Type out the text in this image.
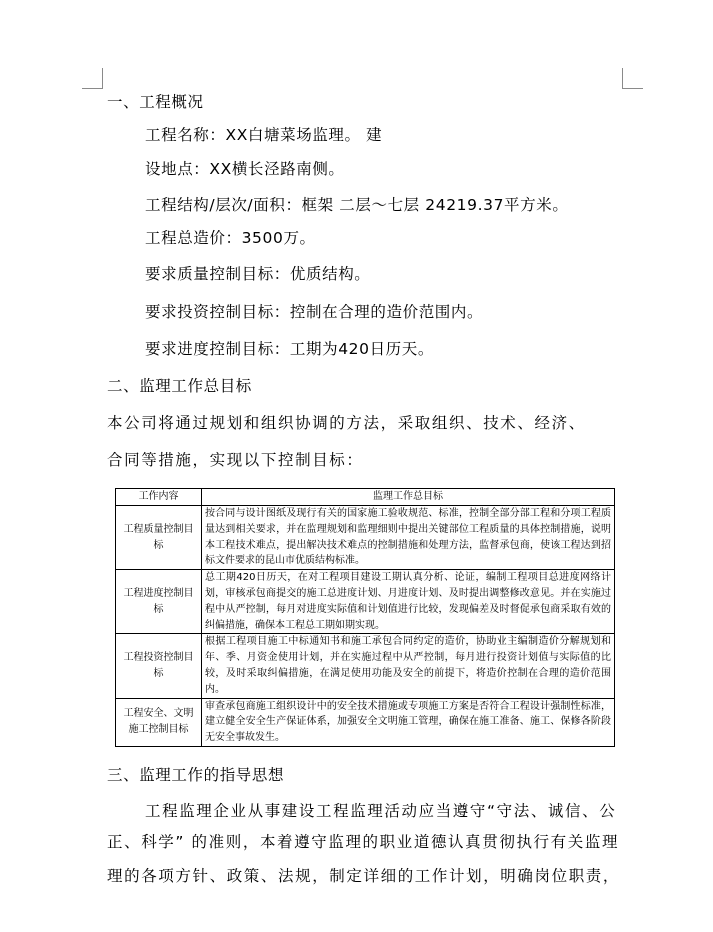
一、工程概况
工程名称：XX白塘菜场监理。 建
设地点：XX横长泾路南侧。
工程结构/层次/面积：框架 二层～七层 24219.37平方米。
工程总造价：3500万。
要求质量控制目标：优质结构。
要求投资控制目标：控制在合理的造价范围内。
要求进度控制目标：工期为420日历天。
二、监理工作总目标
本公司将通过规划和组织协调的方法，采取组织、技术、经济、
合同等措施，实现以下控制目标：
工作内容	监理工作总目标
工程质量控制目标	按合同与设计图纸及现行有关的国家施工验收规范、标准，控制全部分部工程和分项工程质量达到相关要求，并在监理规划和监理细则中提出关键部位工程质量的具体控制措施，说明本工程技术难点，提出解决技术难点的控制措施和处理方法，监督承包商，使该工程达到招标文件要求的昆山市优质结构标准。
工程进度控制目标	总工期420日历天，在对工程项目建设工期认真分析、论证，编制工程项目总进度网络计划，审核承包商提交的施工总进度计划、月进度计划、及时提出调整修改意见。并在实施过程中从严控制，每月对进度实际值和计划值进行比较，发现偏差及时督促承包商采取有效的纠偏措施，确保本工程总工期如期实现。
工程投资控制目标	根据工程项目施工中标通知书和施工承包合同约定的造价，协助业主编制造价分解规划和年、季、月资金使用计划，并在实施过程中从严控制，每月进行投资计划值与实际值的比较，及时采取纠偏措施，在满足使用功能及安全的前提下，将造价控制在合理的造价范围内。
工程安全、文明施工控制目标	审查承包商施工组织设计中的安全技术措施或专项施工方案是否符合工程设计强制性标准，建立健全安全生产保证体系，加强安全文明施工管理，确保在施工准备、施工、保修各阶段无安全事故发生。
三、监理工作的指导思想
工程监理企业从事建设工程监理活动应当遵守“守法、诚信、公
正、科学” 的准则，本着遵守监理的职业道德认真贯彻执行有关监理
理的各项方针、政策、法规，制定详细的工作计划，明确岗位职责，
